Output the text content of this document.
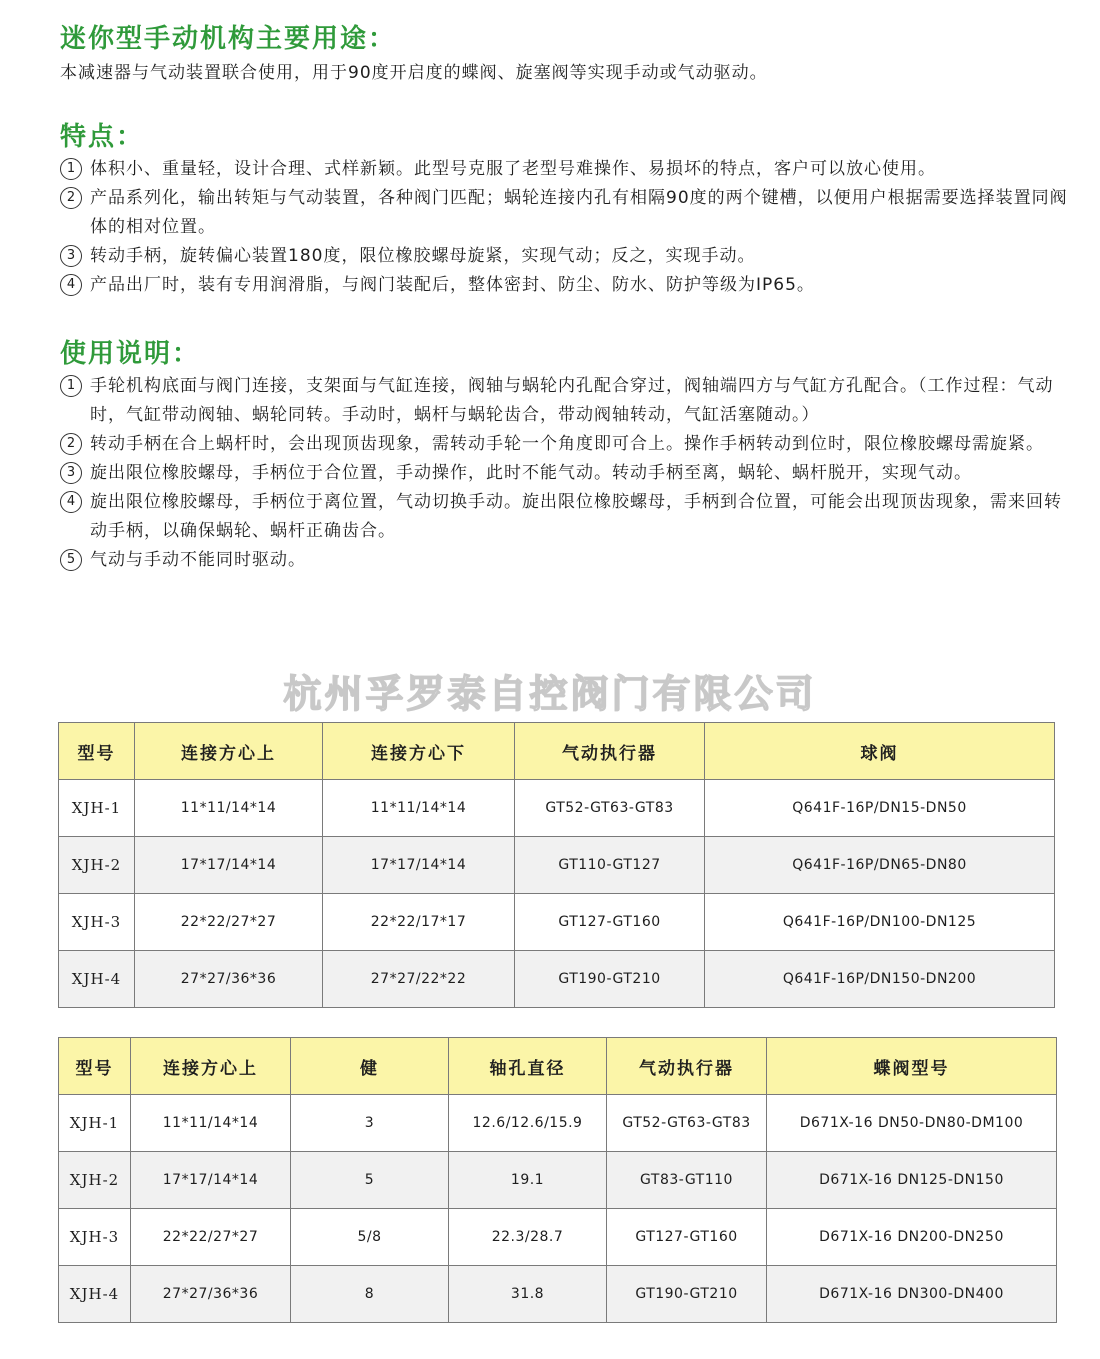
迷你型手动机构主要用途：

本减速器与气动装置联合使用，用于90度开启度的蝶阀、旋塞阀等实现手动或气动驱动。

特点：
1 体积小、重量轻，设计合理、式样新颖。此型号克服了老型号难操作、易损坏的特点，客户可以放心使用。
2 产品系列化，输出转矩与气动装置，各种阀门匹配；蜗轮连接内孔有相隔90度的两个键槽，以便用户根据需要选择装置同阀体的相对位置。
3 转动手柄，旋转偏心装置180度，限位橡胶螺母旋紧，实现气动；反之，实现手动。
4 产品出厂时，装有专用润滑脂，与阀门装配后，整体密封、防尘、防水、防护等级为IP65。
使用说明：
1 手轮机构底面与阀门连接，支架面与气缸连接，阀轴与蜗轮内孔配合穿过，阀轴端四方与气缸方孔配合。（工作过程：气动时，气缸带动阀轴、蜗轮同转。手动时，蜗杆与蜗轮齿合，带动阀轴转动，气缸活塞随动。）
2 转动手柄在合上蜗杆时，会出现顶齿现象，需转动手轮一个角度即可合上。操作手柄转动到位时，限位橡胶螺母需旋紧。
3 旋出限位橡胶螺母，手柄位于合位置，手动操作，此时不能气动。转动手柄至离，蜗轮、蜗杆脱开，实现气动。
4 旋出限位橡胶螺母，手柄位于离位置，气动切换手动。旋出限位橡胶螺母，手柄到合位置，可能会出现顶齿现象，需来回转动手柄，以确保蜗轮、蜗杆正确齿合。
5 气动与手动不能同时驱动。
杭州孚罗泰自控阀门有限公司
型号	连接方心上	连接方心下	气动执行器	球阀
XJH-1	11*11/14*14	11*11/14*14	GT52-GT63-GT83	Q641F-16P/DN15-DN50
XJH-2	17*17/14*14	17*17/14*14	GT110-GT127	Q641F-16P/DN65-DN80
XJH-3	22*22/27*27	22*22/17*17	GT127-GT160	Q641F-16P/DN100-DN125
XJH-4	27*27/36*36	27*27/22*22	GT190-GT210	Q641F-16P/DN150-DN200
型号	连接方心上	健	轴孔直径	气动执行器	蝶阀型号
XJH-1	11*11/14*14	3	12.6/12.6/15.9	GT52-GT63-GT83	D671X-16 DN50-DN80-DM100
XJH-2	17*17/14*14	5	19.1	GT83-GT110	D671X-16 DN125-DN150
XJH-3	22*22/27*27	5/8	22.3/28.7	GT127-GT160	D671X-16 DN200-DN250
XJH-4	27*27/36*36	8	31.8	GT190-GT210	D671X-16 DN300-DN400
